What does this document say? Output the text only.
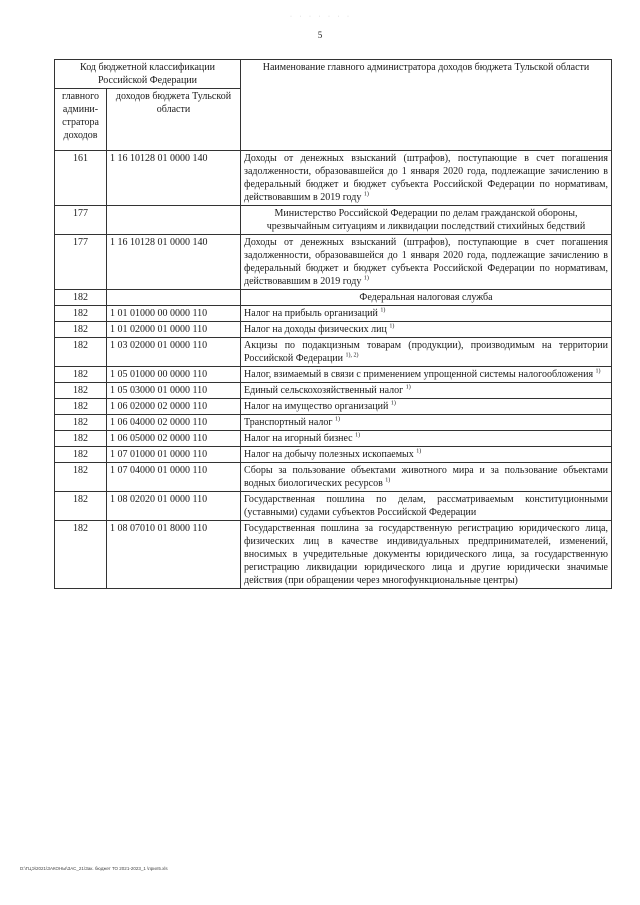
· · · · · · ·
5
Код бюджетной классификации Российской Федерации		Наименование главного администратора доходов бюджета Тульской области
главного админи-стратора доходов	доходов бюджета Тульской области	
161	1 16 10128 01 0000 140	Доходы от денежных взысканий (штрафов), поступающие в счет погашения задолженности, образовавшейся до 1 января 2020 года, подлежащие зачислению в федеральный бюджет и бюджет субъекта Российской Федерации по нормативам, действовавшим в 2019 году $^{1)}$
177		Министерство Российской Федерации по делам гражданской обороны, чрезвычайным ситуациям и ликвидации последствий стихийных бедствий
177	1 16 10128 01 0000 140	Доходы от денежных взысканий (штрафов), поступающие в счет погашения задолженности, образовавшейся до 1 января 2020 года, подлежащие зачислению в федеральный бюджет и бюджет субъекта Российской Федерации по нормативам, действовавшим в 2019 году $^{1)}$
182		Федеральная налоговая служба
182	1 01 01000 00 0000 110	Налог на прибыль организаций $^{1)}$
182	1 01 02000 01 0000 110	Налог на доходы физических лиц $^{1)}$
182	1 03 02000 01 0000 110	Акцизы по подакцизным товарам (продукции), производимым на территории Российской Федерации $^{1), 2)}$
182	1 05 01000 00 0000 110	Налог, взимаемый в связи с применением упрощенной системы налогообложения $^{1)}$
182	1 05 03000 01 0000 110	Единый сельскохозяйственный налог $^{1)}$
182	1 06 02000 02 0000 110	Налог на имущество организаций $^{1)}$
182	1 06 04000 02 0000 110	Транспортный налог $^{1)}$
182	1 06 05000 02 0000 110	Налог на игорный бизнес $^{1)}$
182	1 07 01000 01 0000 110	Налог на добычу полезных ископаемых $^{1)}$
182	1 07 04000 01 0000 110	Сборы за пользование объектами животного мира и за пользование объектами водных биологических ресурсов $^{1)}$
182	1 08 02020 01 0000 110	Государственная пошлина по делам, рассматриваемым конституционными (уставными) судами субъектов Российской Федерации
182	1 08 07010 01 8000 110	Государственная пошлина за государственную регистрацию юридического лица, физических лиц в качестве индивидуальных предпринимателей, изменений, вносимых в учредительные документы юридического лица, за государственную регистрацию ликвидации юридического лица и другие юридически значимые действия (при обращении через многофункциональные центры)
D:\ГЦЭ\2021\ЗАКОНЫ\ЗАС_21\Зак. бюджет ТО 2021-2023_1 \прил5.xls
